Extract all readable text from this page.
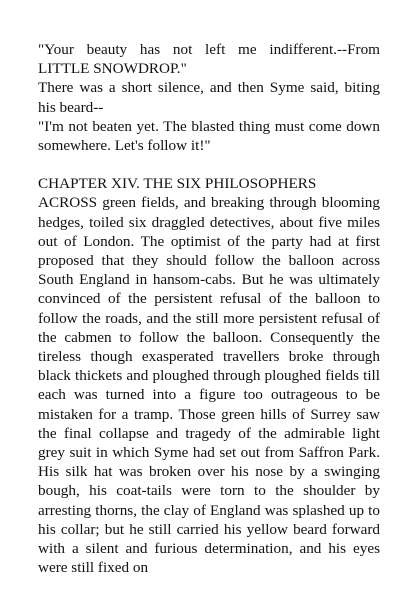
"Your beauty has not left me indifferent.--From LITTLE SNOWDROP."

There was a short silence, and then Syme said, biting his beard--

"I'm not beaten yet. The blasted thing must come down somewhere. Let's follow it!"

CHAPTER XIV. THE SIX PHILOSOPHERS

ACROSS green fields, and breaking through blooming hedges, toiled six draggled detectives, about five miles out of London. The optimist of the party had at first proposed that they should follow the balloon across South England in hansom-cabs. But he was ultimately convinced of the persistent refusal of the balloon to follow the roads, and the still more persistent refusal of the cabmen to follow the balloon. Consequently the tireless though exasperated travellers broke through black thickets and ploughed through ploughed fields till each was turned into a figure too outrageous to be mistaken for a tramp. Those green hills of Surrey saw the final collapse and tragedy of the admirable light grey suit in which Syme had set out from Saffron Park. His silk hat was broken over his nose by a swinging bough, his coat-tails were torn to the shoulder by arresting thorns, the clay of England was splashed up to his collar; but he still carried his yellow beard forward with a silent and furious determination, and his eyes were still fixed on
